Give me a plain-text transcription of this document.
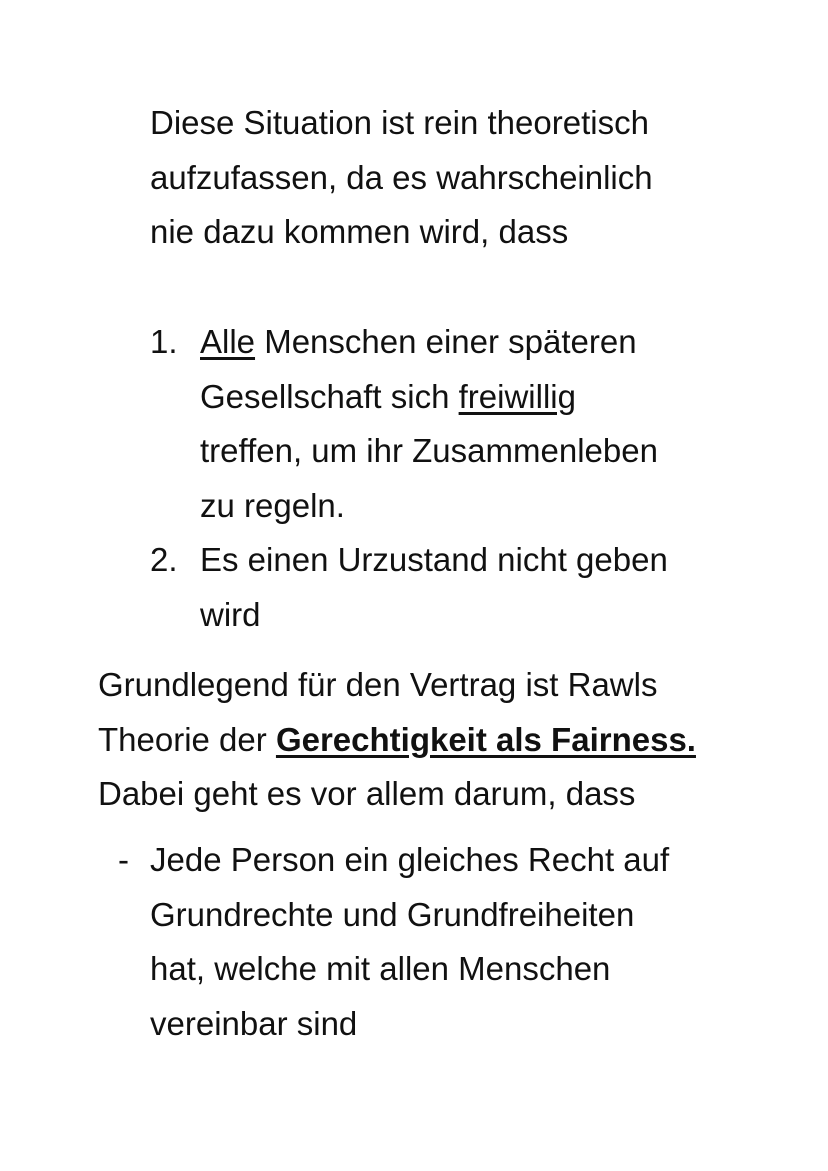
Diese Situation ist rein theoretisch
aufzufassen, da es wahrscheinlich
nie dazu kommen wird, dass
1. Alle Menschen einer späteren
Gesellschaft sich freiwillig
treffen, um ihr Zusammenleben
zu regeln.
2. Es einen Urzustand nicht geben
wird
Grundlegend für den Vertrag ist Rawls
Theorie der Gerechtigkeit als Fairness.
Dabei geht es vor allem darum, dass
- Jede Person ein gleiches Recht auf
Grundrechte und Grundfreiheiten
hat, welche mit allen Menschen
vereinbar sind
